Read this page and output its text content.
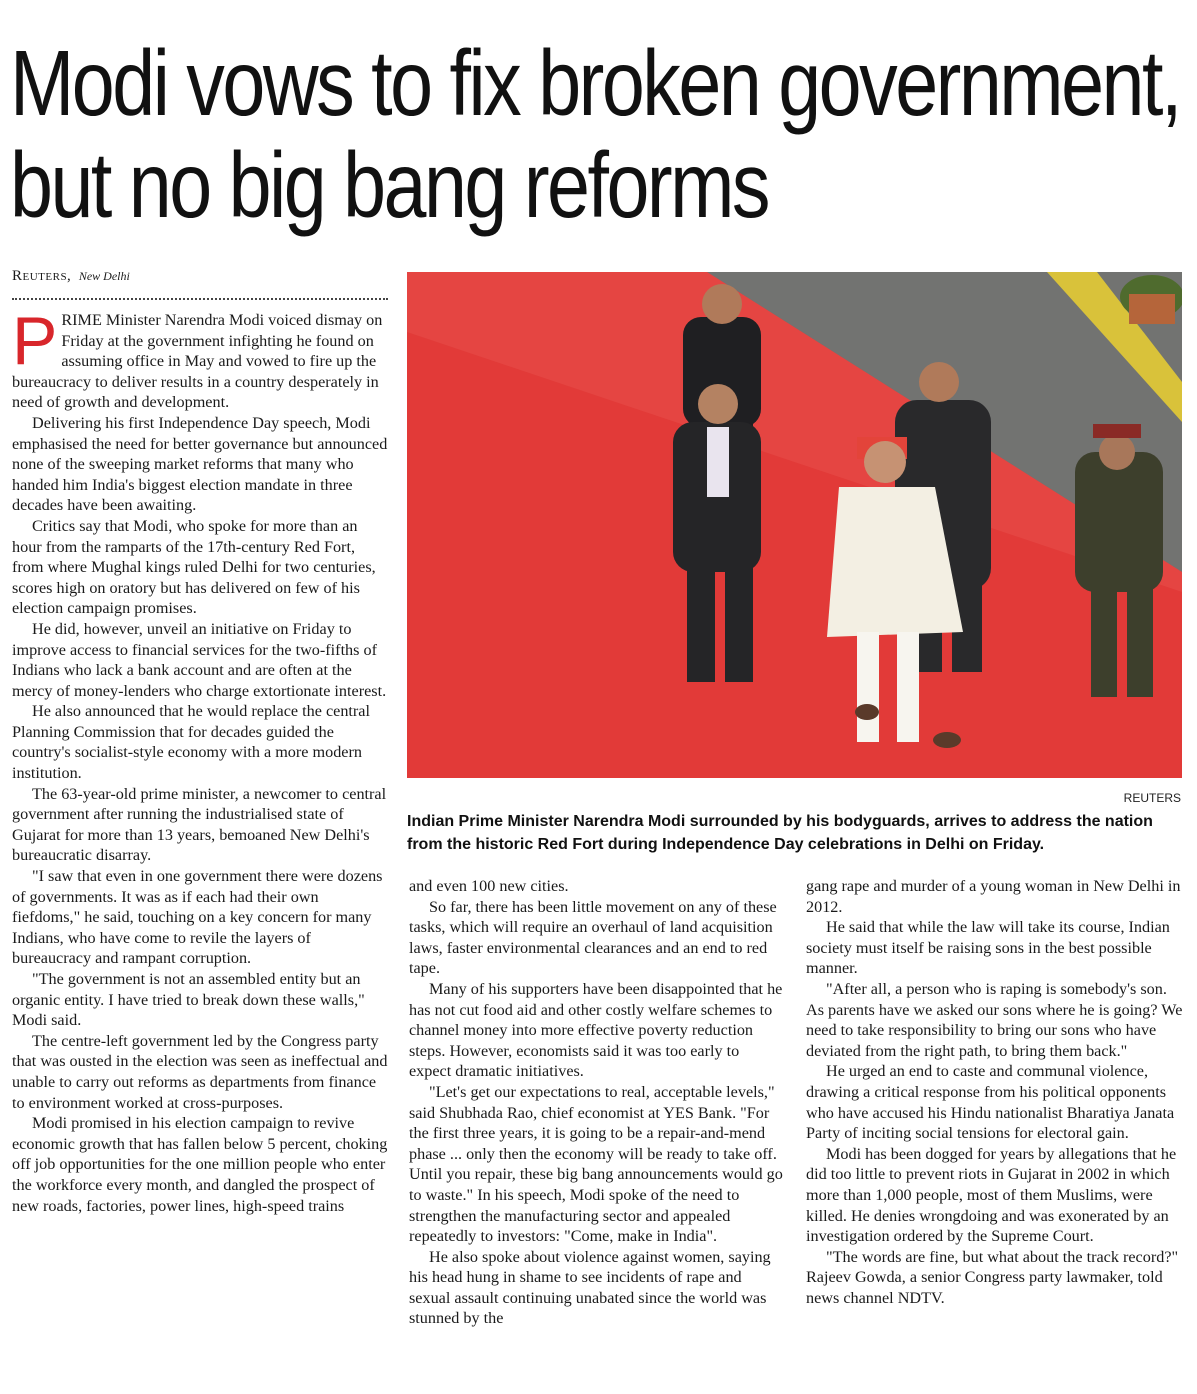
Modi vows to fix broken government,
but no big bang reforms
Reuters, New Delhi
REUTERS
Indian Prime Minister Narendra Modi surrounded by his bodyguards, arrives to address the nation from the historic Red Fort during Independence Day celebrations in Delhi on Friday.

PRIME Minister Narendra Modi voiced dismay on Friday at the government infighting he found on assuming office in May and vowed to fire up the bureaucracy to deliver results in a country desperately in need of growth and development.

Delivering his first Independence Day speech, Modi emphasised the need for better governance but announced none of the sweeping market reforms that many who handed him India's biggest election mandate in three decades have been awaiting.

Critics say that Modi, who spoke for more than an hour from the ramparts of the 17th-century Red Fort, from where Mughal kings ruled Delhi for two centuries, scores high on oratory but has delivered on few of his election campaign promises.

He did, however, unveil an initiative on Friday to improve access to financial services for the two-fifths of Indians who lack a bank account and are often at the mercy of money-lenders who charge extortionate interest.

He also announced that he would replace the central Planning Commission that for decades guided the country's socialist-style economy with a more modern institution.

The 63-year-old prime minister, a newcomer to central government after running the industrialised state of Gujarat for more than 13 years, bemoaned New Delhi's bureaucratic disarray.

"I saw that even in one government there were dozens of governments. It was as if each had their own fiefdoms," he said, touching on a key concern for many Indians, who have come to revile the layers of bureaucracy and rampant corruption.

"The government is not an assembled entity but an organic entity. I have tried to break down these walls," Modi said.

The centre-left government led by the Congress party that was ousted in the election was seen as ineffectual and unable to carry out reforms as departments from finance to environment worked at cross-purposes.

Modi promised in his election campaign to revive economic growth that has fallen below 5 percent, choking off job opportunities for the one million people who enter the workforce every month, and dangled the prospect of new roads, factories, power lines, high-speed trains

and even 100 new cities.

So far, there has been little movement on any of these tasks, which will require an overhaul of land acquisition laws, faster environmental clearances and an end to red tape.

Many of his supporters have been disappointed that he has not cut food aid and other costly welfare schemes to channel money into more effective poverty reduction steps. However, economists said it was too early to expect dramatic initiatives.

"Let's get our expectations to real, acceptable levels," said Shubhada Rao, chief economist at YES Bank. "For the first three years, it is going to be a repair-and-mend phase ... only then the economy will be ready to take off. Until you repair, these big bang announcements would go to waste." In his speech, Modi spoke of the need to strengthen the manufacturing sector and appealed repeatedly to investors: "Come, make in India".

He also spoke about violence against women, saying his head hung in shame to see incidents of rape and sexual assault continuing unabated since the world was stunned by the

gang rape and murder of a young woman in New Delhi in 2012.

He said that while the law will take its course, Indian society must itself be raising sons in the best possible manner.

"After all, a person who is raping is somebody's son. As parents have we asked our sons where he is going? We need to take responsibility to bring our sons who have deviated from the right path, to bring them back."

He urged an end to caste and communal violence, drawing a critical response from his political opponents who have accused his Hindu nationalist Bharatiya Janata Party of inciting social tensions for electoral gain.

Modi has been dogged for years by allegations that he did too little to prevent riots in Gujarat in 2002 in which more than 1,000 people, most of them Muslims, were killed. He denies wrongdoing and was exonerated by an investigation ordered by the Supreme Court.

"The words are fine, but what about the track record?" Rajeev Gowda, a senior Congress party lawmaker, told news channel NDTV.
